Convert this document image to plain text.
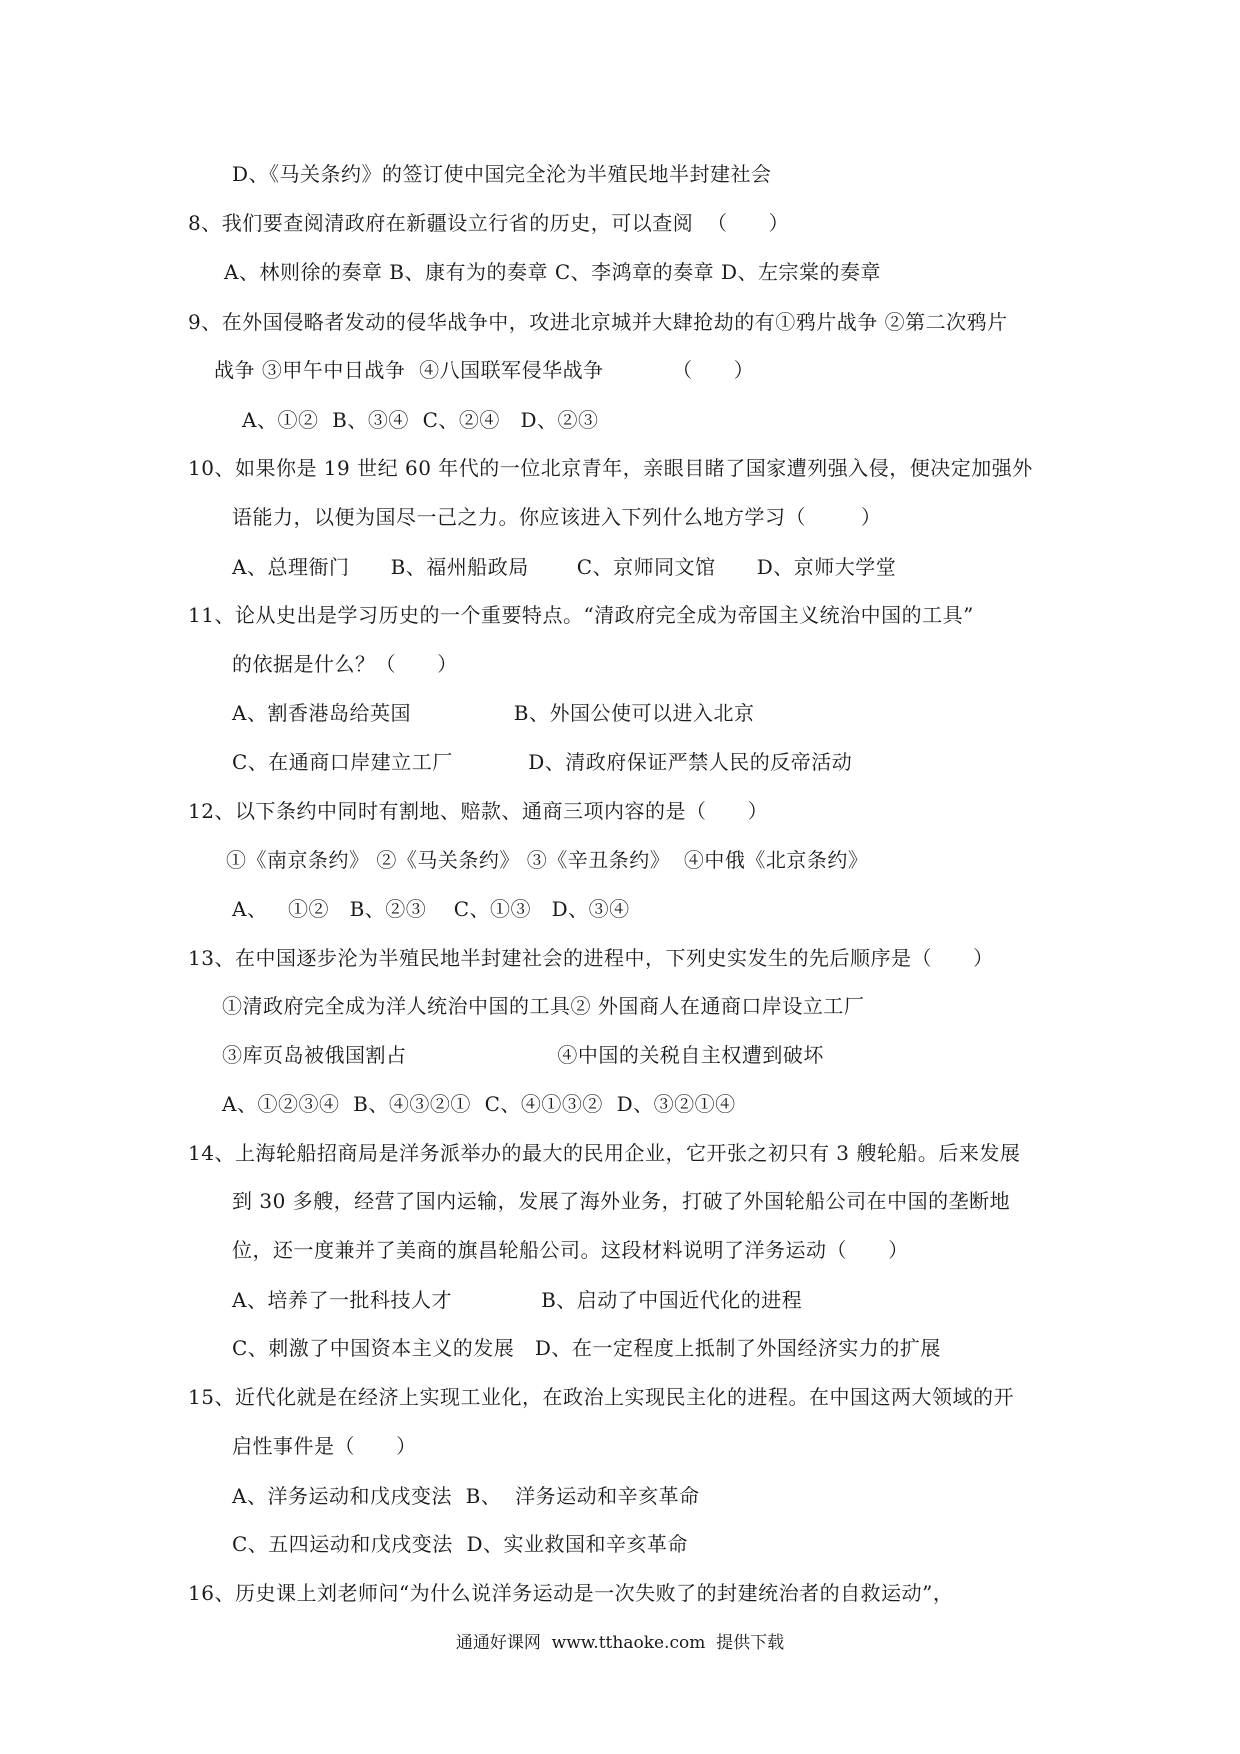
D、《马关条约》的签订使中国完全沦为半殖民地半封建社会
8、我们要查阅清政府在新疆设立行省的历史，可以查阅  （      ）
A、林则徐的奏章 B、康有为的奏章 C、李鸿章的奏章 D、左宗棠的奏章
9、在外国侵略者发动的侵华战争中，攻进北京城并大肆抢劫的有①鸦片战争 ②第二次鸦片
战争 ③甲午中日战争  ④八国联军侵华战争          （      ）
A、①②  B、③④  C、②④   D、②③
10、如果你是 19 世纪 60 年代的一位北京青年，亲眼目睹了国家遭列强入侵，便决定加强外
语能力，以便为国尽一己之力。你应该进入下列什么地方学习（        ）
A、总理衙门      B、福州船政局       C、京师同文馆      D、京师大学堂
11、论从史出是学习历史的一个重要特点。“清政府完全成为帝国主义统治中国的工具”
的依据是什么？（      ）
A、割香港岛给英国               B、外国公使可以进入北京
C、在通商口岸建立工厂           D、清政府保证严禁人民的反帝活动
12、以下条约中同时有割地、赔款、通商三项内容的是（      ）
①《南京条约》 ②《马关条约》 ③《辛丑条约》  ④中俄《北京条约》
A、   ①②   B、②③    C、①③   D、③④
13、在中国逐步沦为半殖民地半封建社会的进程中，下列史实发生的先后顺序是（      ）
①清政府完全成为洋人统治中国的工具② 外国商人在通商口岸设立工厂
③库页岛被俄国割占                      ④中国的关税自主权遭到破坏
A、①②③④  B、④③②①  C、④①③②  D、③②①④
14、上海轮船招商局是洋务派举办的最大的民用企业，它开张之初只有 3 艘轮船。后来发展
到 30 多艘，经营了国内运输，发展了海外业务，打破了外国轮船公司在中国的垄断地
位，还一度兼并了美商的旗昌轮船公司。这段材料说明了洋务运动（      ）
A、培养了一批科技人才             B、启动了中国近代化的进程
C、刺激了中国资本主义的发展   D、在一定程度上抵制了外国经济实力的扩展
15、近代化就是在经济上实现工业化，在政治上实现民主化的进程。在中国这两大领域的开
启性事件是（      ）
A、洋务运动和戊戌变法  B、  洋务运动和辛亥革命
C、五四运动和戊戌变法  D、实业救国和辛亥革命
16、历史课上刘老师问“为什么说洋务运动是一次失败了的封建统治者的自救运动”，
通通好课网  www.tthaoke.com  提供下载
